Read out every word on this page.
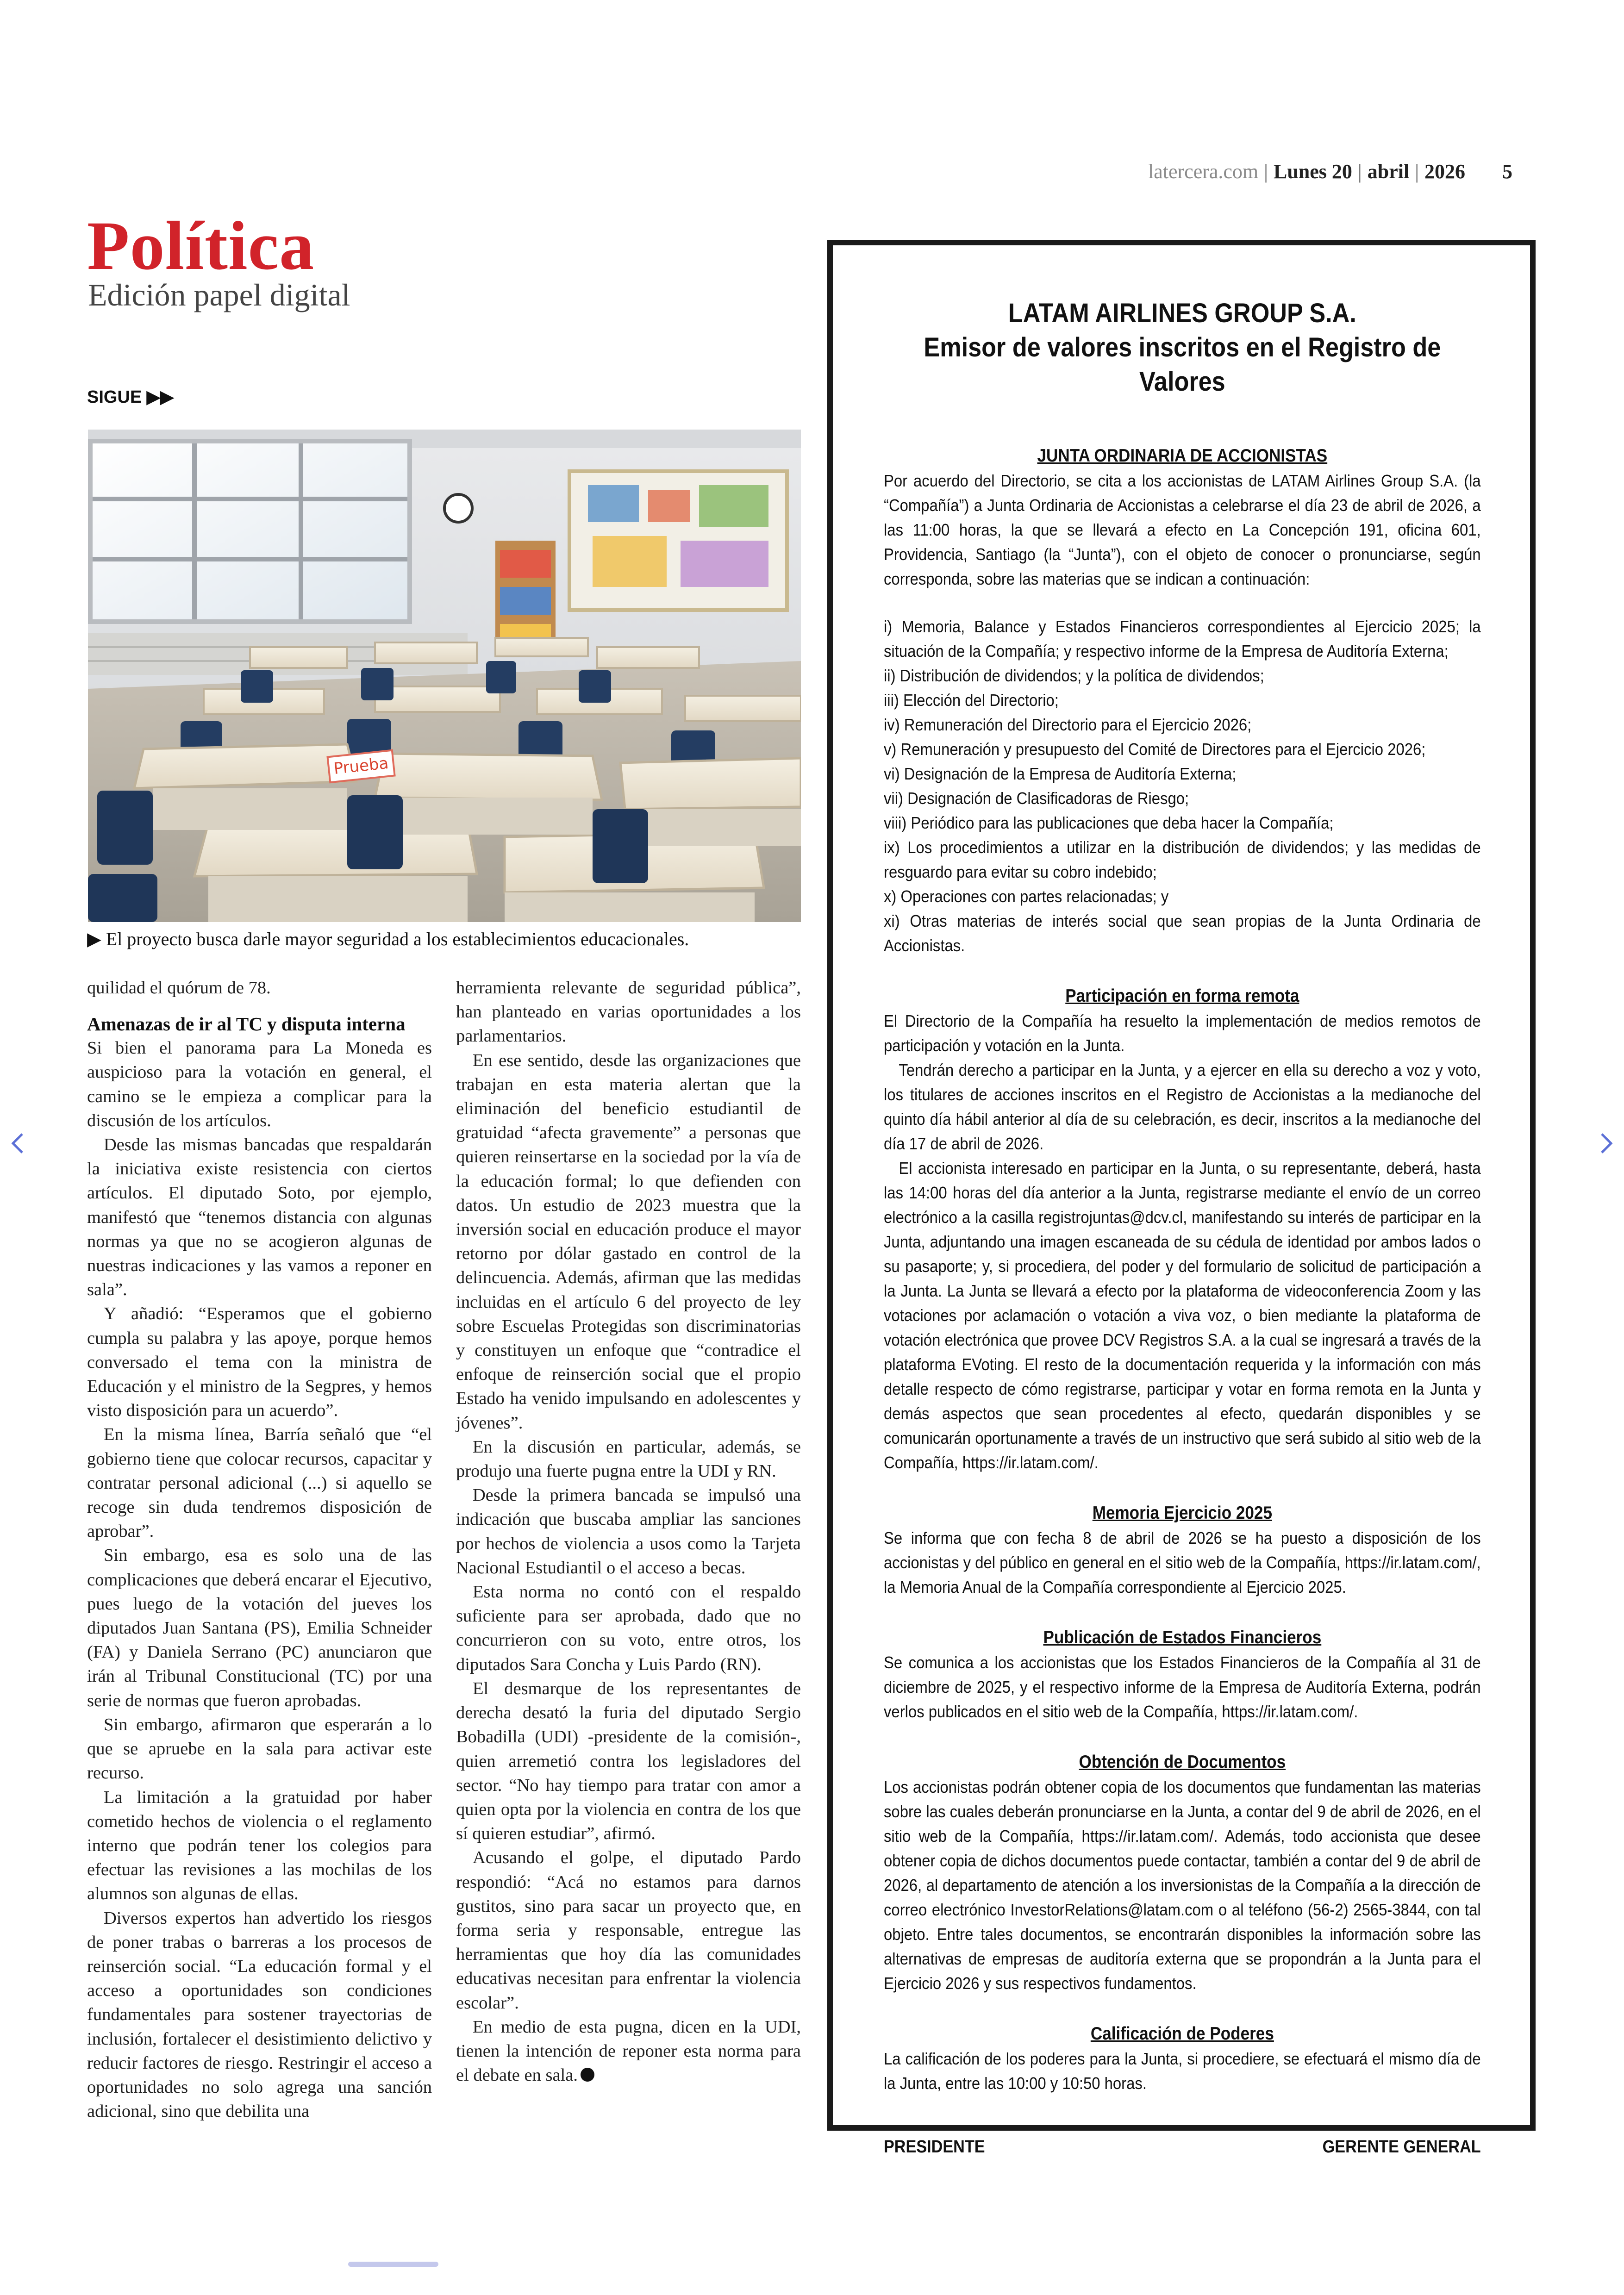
latercera.com | Lunes 20 | abril | 2026 5
Política
Edición papel digital
SIGUE ▶▶
Prueba
▶ El proyecto busca darle mayor seguridad a los establecimientos educacionales.

quilidad el quórum de 78.

Amenazas de ir al TC y disputa interna

Si bien el panorama para La Moneda es auspicioso para la votación en general, el camino se le empieza a complicar para la discusión de los artículos.

Desde las mismas bancadas que respaldarán la iniciativa existe resistencia con ciertos artículos. El diputado Soto, por ejemplo, manifestó que “tenemos distancia con algunas normas ya que no se acogieron algunas de nuestras indicaciones y las vamos a reponer en sala”.

Y añadió: “Esperamos que el gobierno cumpla su palabra y las apoye, porque hemos conversado el tema con la ministra de Educación y el ministro de la Segpres, y hemos visto disposición para un acuerdo”.

En la misma línea, Barría señaló que “el gobierno tiene que colocar recursos, capacitar y contratar personal adicional (...) si aquello se recoge sin duda tendremos disposición de aprobar”.

Sin embargo, esa es solo una de las complicaciones que deberá encarar el Ejecutivo, pues luego de la votación del jueves los diputados Juan Santana (PS), Emilia Schneider (FA) y Daniela Serrano (PC) anunciaron que irán al Tribunal Constitucional (TC) por una serie de normas que fueron aprobadas.

Sin embargo, afirmaron que esperarán a lo que se apruebe en la sala para activar este recurso.

La limitación a la gratuidad por haber cometido hechos de violencia o el reglamento interno que podrán tener los colegios para efectuar las revisiones a las mochilas de los alumnos son algunas de ellas.

Diversos expertos han advertido los riesgos de poner trabas o barreras a los procesos de reinserción social. “La educación formal y el acceso a oportunidades son condiciones fundamentales para sostener trayectorias de inclusión, fortalecer el desistimiento delictivo y reducir factores de riesgo. Restringir el acceso a oportunidades no solo agrega una sanción adicional, sino que debilita una

herramienta relevante de seguridad pública”, han planteado en varias oportunidades a los parlamentarios.

En ese sentido, desde las organizaciones que trabajan en esta materia alertan que la eliminación del beneficio estudiantil de gratuidad “afecta gravemente” a personas que quieren reinsertarse en la sociedad por la vía de la educación formal; lo que defienden con datos. Un estudio de 2023 muestra que la inversión social en educación produce el mayor retorno por dólar gastado en control de la delincuencia. Además, afirman que las medidas incluidas en el artículo 6 del proyecto de ley sobre Escuelas Protegidas son discriminatorias y constituyen un enfoque que “contradice el enfoque de reinserción social que el propio Estado ha venido impulsando en adolescentes y jóvenes”.

En la discusión en particular, además, se produjo una fuerte pugna entre la UDI y RN.

Desde la primera bancada se impulsó una indicación que buscaba ampliar las sanciones por hechos de violencia a usos como la Tarjeta Nacional Estudiantil o el acceso a becas.

Esta norma no contó con el respaldo suficiente para ser aprobada, dado que no concurrieron con su voto, entre otros, los diputados Sara Concha y Luis Pardo (RN).

El desmarque de los representantes de derecha desató la furia del diputado Sergio Bobadilla (UDI) -presidente de la comisión-, quien arremetió contra los legisladores del sector. “No hay tiempo para tratar con amor a quien opta por la violencia en contra de los que sí quieren estudiar”, afirmó.

Acusando el golpe, el diputado Pardo respondió: “Acá no estamos para darnos gustitos, sino para sacar un proyecto que, en forma seria y responsable, entregue las herramientas que hoy día las comunidades educativas necesitan para enfrentar la violencia escolar”.

En medio de esta pugna, dicen en la UDI, tienen la intención de reponer esta norma para el debate en sala.

LATAM AIRLINES GROUP S.A.
Emisor de valores inscritos en el Registro de Valores
JUNTA ORDINARIA DE ACCIONISTAS

Por acuerdo del Directorio, se cita a los accionistas de LATAM Airlines Group S.A. (la “Compañía”) a Junta Ordinaria de Accionistas a celebrarse el día 23 de abril de 2026, a las 11:00 horas, la que se llevará a efecto en La Concepción 191, oficina 601, Providencia, Santiago (la “Junta”), con el objeto de conocer o pronunciarse, según corresponda, sobre las materias que se indican a continuación:

i) Memoria, Balance y Estados Financieros correspondientes al Ejercicio 2025; la situación de la Compañía; y respectivo informe de la Empresa de Auditoría Externa;

ii) Distribución de dividendos; y la política de dividendos;

iii) Elección del Directorio;

iv) Remuneración del Directorio para el Ejercicio 2026;

v) Remuneración y presupuesto del Comité de Directores para el Ejercicio 2026;

vi) Designación de la Empresa de Auditoría Externa;

vii) Designación de Clasificadoras de Riesgo;

viii) Periódico para las publicaciones que deba hacer la Compañía;

ix) Los procedimientos a utilizar en la distribución de dividendos; y las medidas de resguardo para evitar su cobro indebido;

x) Operaciones con partes relacionadas; y

xi) Otras materias de interés social que sean propias de la Junta Ordinaria de Accionistas.

Participación en forma remota

El Directorio de la Compañía ha resuelto la implementación de medios remotos de participación y votación en la Junta.

Tendrán derecho a participar en la Junta, y a ejercer en ella su derecho a voz y voto, los titulares de acciones inscritos en el Registro de Accionistas a la medianoche del quinto día hábil anterior al día de su celebración, es decir, inscritos a la medianoche del día 17 de abril de 2026.

El accionista interesado en participar en la Junta, o su representante, deberá, hasta las 14:00 horas del día anterior a la Junta, registrarse mediante el envío de un correo electrónico a la casilla registrojuntas@dcv.cl, manifestando su interés de participar en la Junta, adjuntando una imagen escaneada de su cédula de identidad por ambos lados o su pasaporte; y, si procediera, del poder y del formulario de solicitud de participación a la Junta. La Junta se llevará a efecto por la plataforma de videoconferencia Zoom y las votaciones por aclamación o votación a viva voz, o bien mediante la plataforma de votación electrónica que provee DCV Registros S.A. a la cual se ingresará a través de la plataforma EVoting. El resto de la documentación requerida y la información con más detalle respecto de cómo registrarse, participar y votar en forma remota en la Junta y demás aspectos que sean procedentes al efecto, quedarán disponibles y se comunicarán oportunamente a través de un instructivo que será subido al sitio web de la Compañía, https://ir.latam.com/.

Memoria Ejercicio 2025

Se informa que con fecha 8 de abril de 2026 se ha puesto a disposición de los accionistas y del público en general en el sitio web de la Compañía, https://ir.latam.com/, la Memoria Anual de la Compañía correspondiente al Ejercicio 2025.

Publicación de Estados Financieros

Se comunica a los accionistas que los Estados Financieros de la Compañía al 31 de diciembre de 2025, y el respectivo informe de la Empresa de Auditoría Externa, podrán verlos publicados en el sitio web de la Compañía, https://ir.latam.com/.

Obtención de Documentos

Los accionistas podrán obtener copia de los documentos que fundamentan las materias sobre las cuales deberán pronunciarse en la Junta, a contar del 9 de abril de 2026, en el sitio web de la Compañía, https://ir.latam.com/. Además, todo accionista que desee obtener copia de dichos documentos puede contactar, también a contar del 9 de abril de 2026, al departamento de atención a los inversionistas de la Compañía a la dirección de correo electrónico InvestorRelations@latam.com o al teléfono (56-2) 2565-3844, con tal objeto. Entre tales documentos, se encontrarán disponibles la información sobre las alternativas de empresas de auditoría externa que se propondrán a la Junta para el Ejercicio 2026 y sus respectivos fundamentos.

Calificación de Poderes

La calificación de los poderes para la Junta, si procediere, se efectuará el mismo día de la Junta, entre las 10:00 y 10:50 horas.

PRESIDENTE	GERENTE GENERAL
